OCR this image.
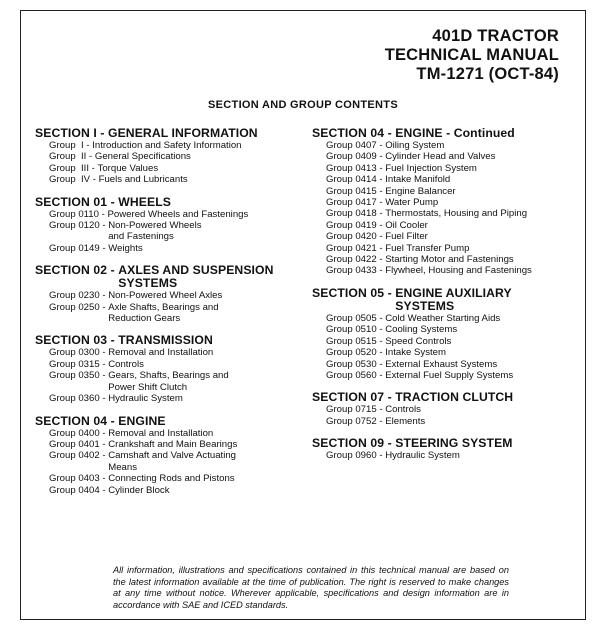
401D TRACTOR
TECHNICAL MANUAL
TM-1271 (OCT-84)
SECTION AND GROUP CONTENTS
SECTION I - GENERAL INFORMATION
Group  I - Introduction and Safety Information
Group  II - General Specifications
Group  III - Torque Values
Group  IV - Fuels and Lubricants
SECTION 01 - WHEELS
Group 0110 - Powered Wheels and Fastenings
Group 0120 - Non-Powered Wheels
and Fastenings
Group 0149 - Weights
SECTION 02 - AXLES AND SUSPENSION
SYSTEMS
Group 0230 - Non-Powered Wheel Axles
Group 0250 - Axle Shafts, Bearings and
Reduction Gears
SECTION 03 - TRANSMISSION
Group 0300 - Removal and Installation
Group 0315 - Controls
Group 0350 - Gears, Shafts, Bearings and
Power Shift Clutch
Group 0360 - Hydraulic System
SECTION 04 - ENGINE
Group 0400 - Removal and Installation
Group 0401 - Crankshaft and Main Bearings
Group 0402 - Camshaft and Valve Actuating
Means
Group 0403 - Connecting Rods and Pistons
Group 0404 - Cylinder Block
SECTION 04 - ENGINE - Continued
Group 0407 - Oiling System
Group 0409 - Cylinder Head and Valves
Group 0413 - Fuel Injection System
Group 0414 - Intake Manifold
Group 0415 - Engine Balancer
Group 0417 - Water Pump
Group 0418 - Thermostats, Housing and Piping
Group 0419 - Oil Cooler
Group 0420 - Fuel Filter
Group 0421 - Fuel Transfer Pump
Group 0422 - Starting Motor and Fastenings
Group 0433 - Flywheel, Housing and Fastenings
SECTION 05 - ENGINE AUXILIARY
SYSTEMS
Group 0505 - Cold Weather Starting Aids
Group 0510 - Cooling Systems
Group 0515 - Speed Controls
Group 0520 - Intake System
Group 0530 - External Exhaust Systems
Group 0560 - External Fuel Supply Systems
SECTION 07 - TRACTION CLUTCH
Group 0715 - Controls
Group 0752 - Elements
SECTION 09 - STEERING SYSTEM
Group 0960 - Hydraulic System
All information, illustrations and specifications contained in this technical manual are based on the latest information available at the time of publication. The right is reserved to make changes at any time without notice. Wherever applicable, specifications and design information are in accordance with SAE and ICED standards.
